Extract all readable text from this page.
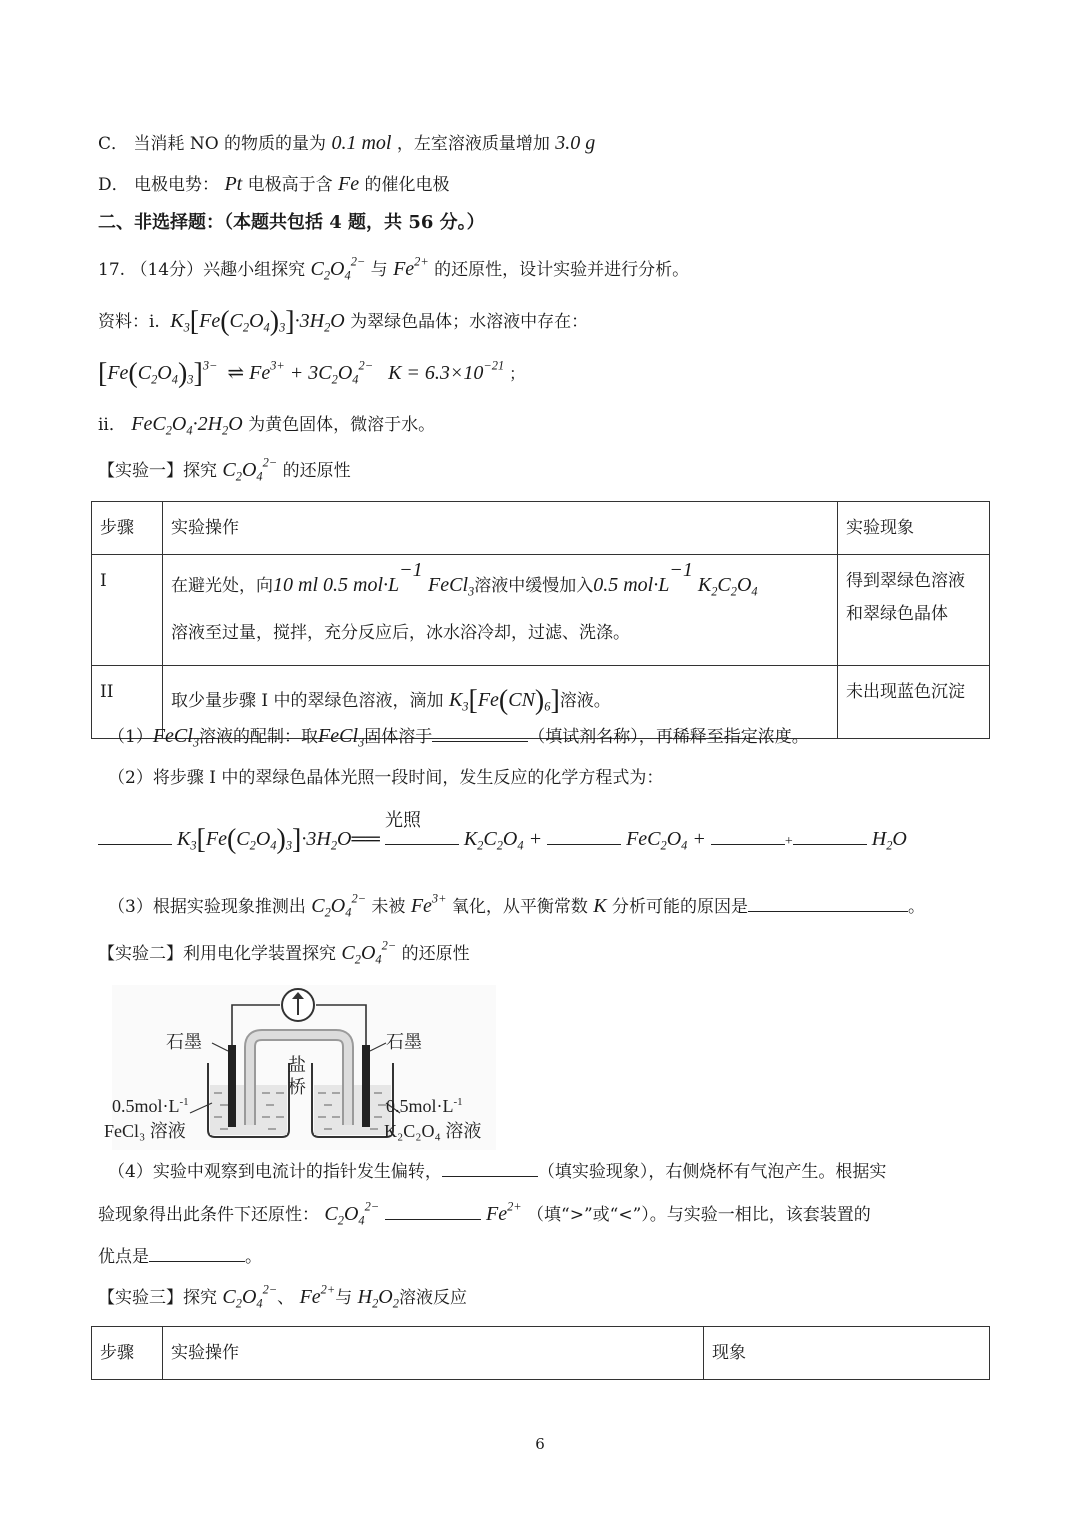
C． 当消耗 NO 的物质的量为 0.1 mol ，左室溶液质量增加 3.0 g
D． 电极电势： Pt 电极高于含 Fe 的催化电极
二、非选择题：（本题共包括 4 题，共 56 分。）
17. （14分）兴趣小组探究 $C_2O_4^{2-}$ 与 $Fe^{2+}$ 的还原性，设计实验并进行分析。
资料：i.  $K_3[Fe(C_2O_4)_3]\cdot 3H_2O$ 为翠绿色晶体；水溶液中存在：
$[Fe(C_2O_4)_3]^{3-}$  ⇌ $Fe^{3+} + 3C_2O_4^{2-}$ $K = 6.3\times 10^{-21}$ ；
ii． $FeC_2O_4\cdot 2H_2O$ 为黄色固体，微溶于水。
【实验一】探究 $C_2O_4^{2-}$ 的还原性
步骤	实验操作	实验现象

I	在避光处，向10 ml 0.5 $mol\cdot L^{-1}$ FeCl$_3$溶液中缓慢加入0.5 $mol\cdot L^{-1}$ $K_2C_2O_4$
溶液至过量，搅拌，充分反应后，冰水浴冷却，过滤、洗涤。	得到翠绿色溶液和翠绿色晶体

II	取少量步骤 I 中的翠绿色溶液，滴加 $K_3[Fe(CN)_6]$溶液。	未出现蓝色沉淀
（1）FeCl$_3$溶液的配制：取FeCl$_3$固体溶于	（填试剂名称），再稀释至指定浓度。
（2）将步骤 I 中的翠绿色晶体光照一段时间，发生反应的化学方程式为：
光照
$K_3[Fe(C_2O_4)_3]\cdot 3H_2O══$	$K_2C_2O_4$ +	$FeC_2O_4$ +	+	$H_2O$
（3）根据实验现象推测出 $C_2O_4^{2-}$ 未被 $Fe^{3+}$ 氧化，从平衡常数 K 分析可能的原因是	。
【实验二】利用电化学装置探究 $C_2O_4^{2-}$ 的还原性
石墨	石墨
盐
桥
$0.5mol\cdot L^{-1}$
FeCl₃ 溶液
$0.5mol\cdot L^{-1}$
K₂C₂O₄ 溶液
（4）实验中观察到电流计的指针发生偏转，	（填实验现象），右侧烧杯有气泡产生。根据实
验现象得出此条件下还原性： $C_2O_4^{2-}$	$Fe^{2+}$ （填“>”或“<”）。与实验一相比，该套装置的
优点是	。
【实验三】探究 $C_2O_4^{2-}$、 $Fe^{2+}$与 $H_2O_2$溶液反应
步骤	实验操作	现象
6
